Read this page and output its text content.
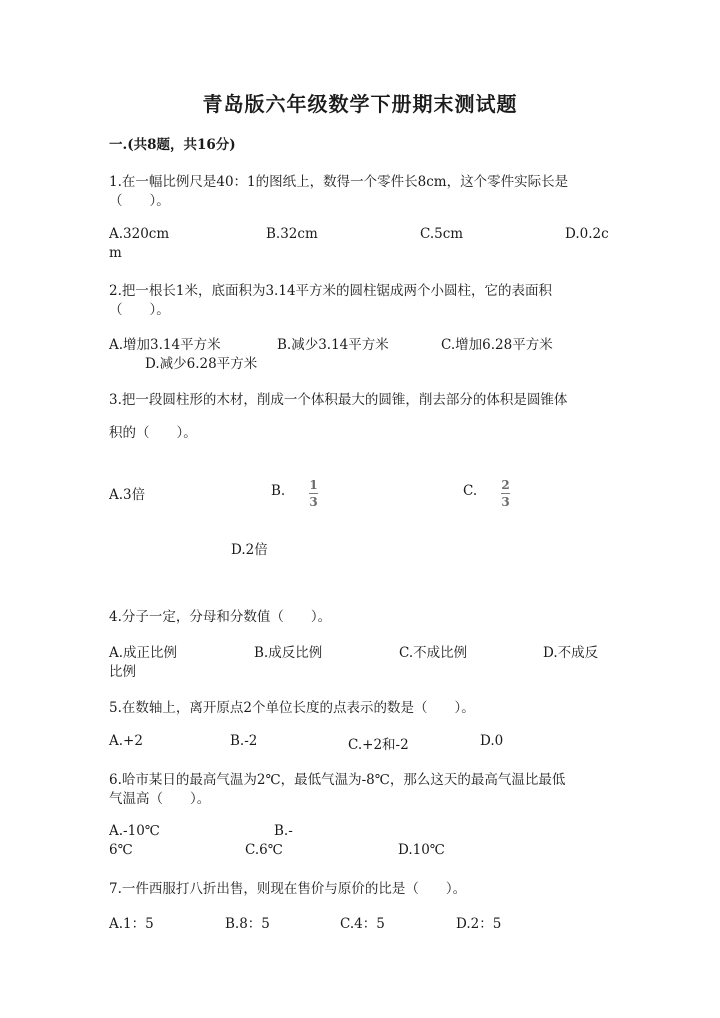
青岛版六年级数学下册期末测试题
一.(共8题，共16分)
1.在一幅比例尺是40：1的图纸上，数得一个零件长8cm，这个零件实际长是
（　　）。
A.320cm	B.32cm	C.5cm	D.0.2c
m
2.把一根长1米，底面积为3.14平方米的圆柱锯成两个小圆柱，它的表面积
（　　）。
A.增加3.14平方米	B.减少3.14平方米	C.增加6.28平方米
D.减少6.28平方米
3.把一段圆柱形的木材，削成一个体积最大的圆锥，削去部分的体积是圆锥体
积的（　　）。
A.3倍	B. 1
3
C. 2
3
D.2倍
4.分子一定，分母和分数值（　　）。
A.成正比例	B.成反比例	C.不成比例	D.不成反
比例
5.在数轴上，离开原点2个单位长度的点表示的数是（　　）。
A.+2	B.-2	C.+2和-2	D.0
6.哈市某日的最高气温为2℃，最低气温为-8℃，那么这天的最高气温比最低
气温高（　　）。
A.-10℃	B.-
6℃	C.6℃	D.10℃
7.一件西服打八折出售，则现在售价与原价的比是（　　）。
A.1：5	B.8：5	C.4：5	D.2：5
